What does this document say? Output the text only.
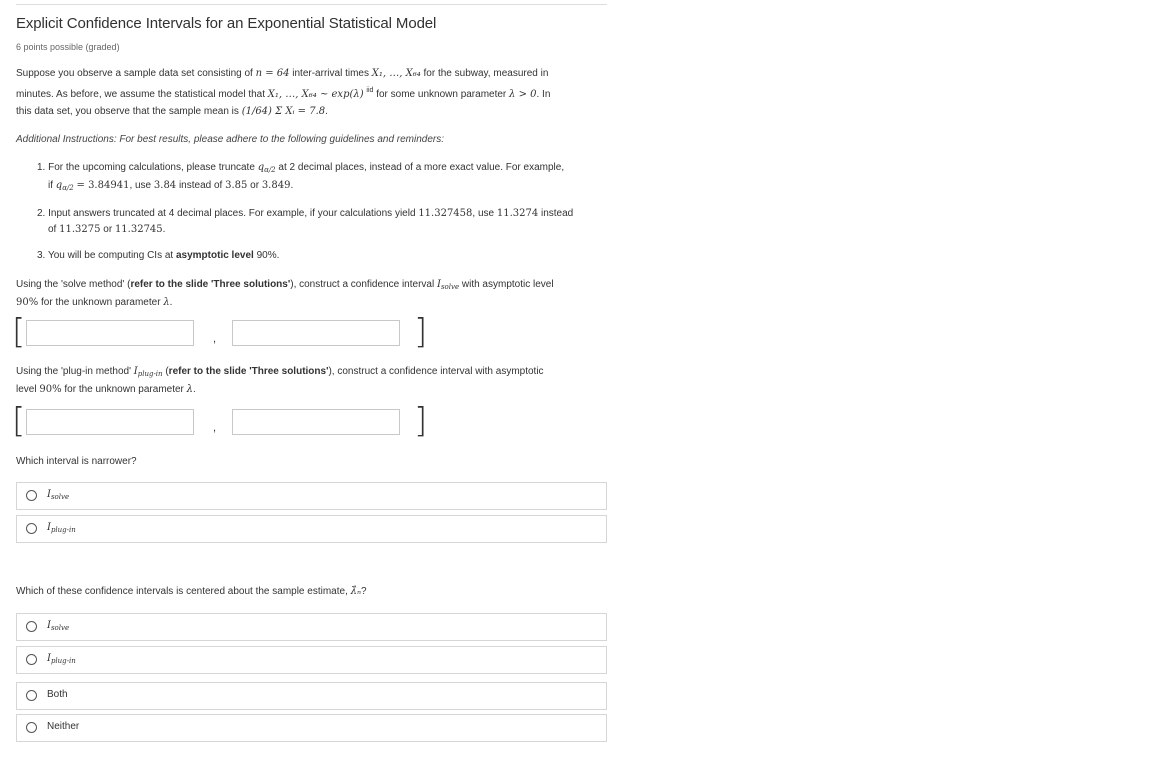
Explicit Confidence Intervals for an Exponential Statistical Model
6 points possible (graded)
Suppose you observe a sample data set consisting of n = 64 inter-arrival times X₁, …, X₆₄ for the subway, measured in
minutes. As before, we assume the statistical model that X₁, …, X₆₄ ~ exp(λ) $^{iid}$ for some unknown parameter λ > 0. In
this data set, you observe that the sample mean is (1/64) Σ Xᵢ = 7.8.
Additional Instructions: For best results, please adhere to the following guidelines and reminders:
1. For the upcoming calculations, please truncate $q_{\alpha/2}$ at 2 decimal places, instead of a more exact value. For example,
if $q_{\alpha/2} = 3.84941$, use 3.84 instead of 3.85 or 3.849.
2. Input answers truncated at 4 decimal places. For example, if your calculations yield 11.327458, use 11.3274 instead
of 11.3275 or 11.32745.
3. You will be computing CIs at asymptotic level 90%.
Using the 'solve method' (refer to the slide 'Three solutions'), construct a confidence interval $I_{solve}$ with asymptotic level
90% for the unknown parameter λ.
[	,	]
Using the 'plug-in method' $I_{plug-in}$ (refer to the slide 'Three solutions'), construct a confidence interval with asymptotic
level 90% for the unknown parameter λ.
[	,	]
Which interval is narrower?
$I_{solve}$
$I_{plug-in}$
Which of these confidence intervals is centered about the sample estimate, λ̂ₙ?
$I_{solve}$
$I_{plug-in}$
Both
Neither
